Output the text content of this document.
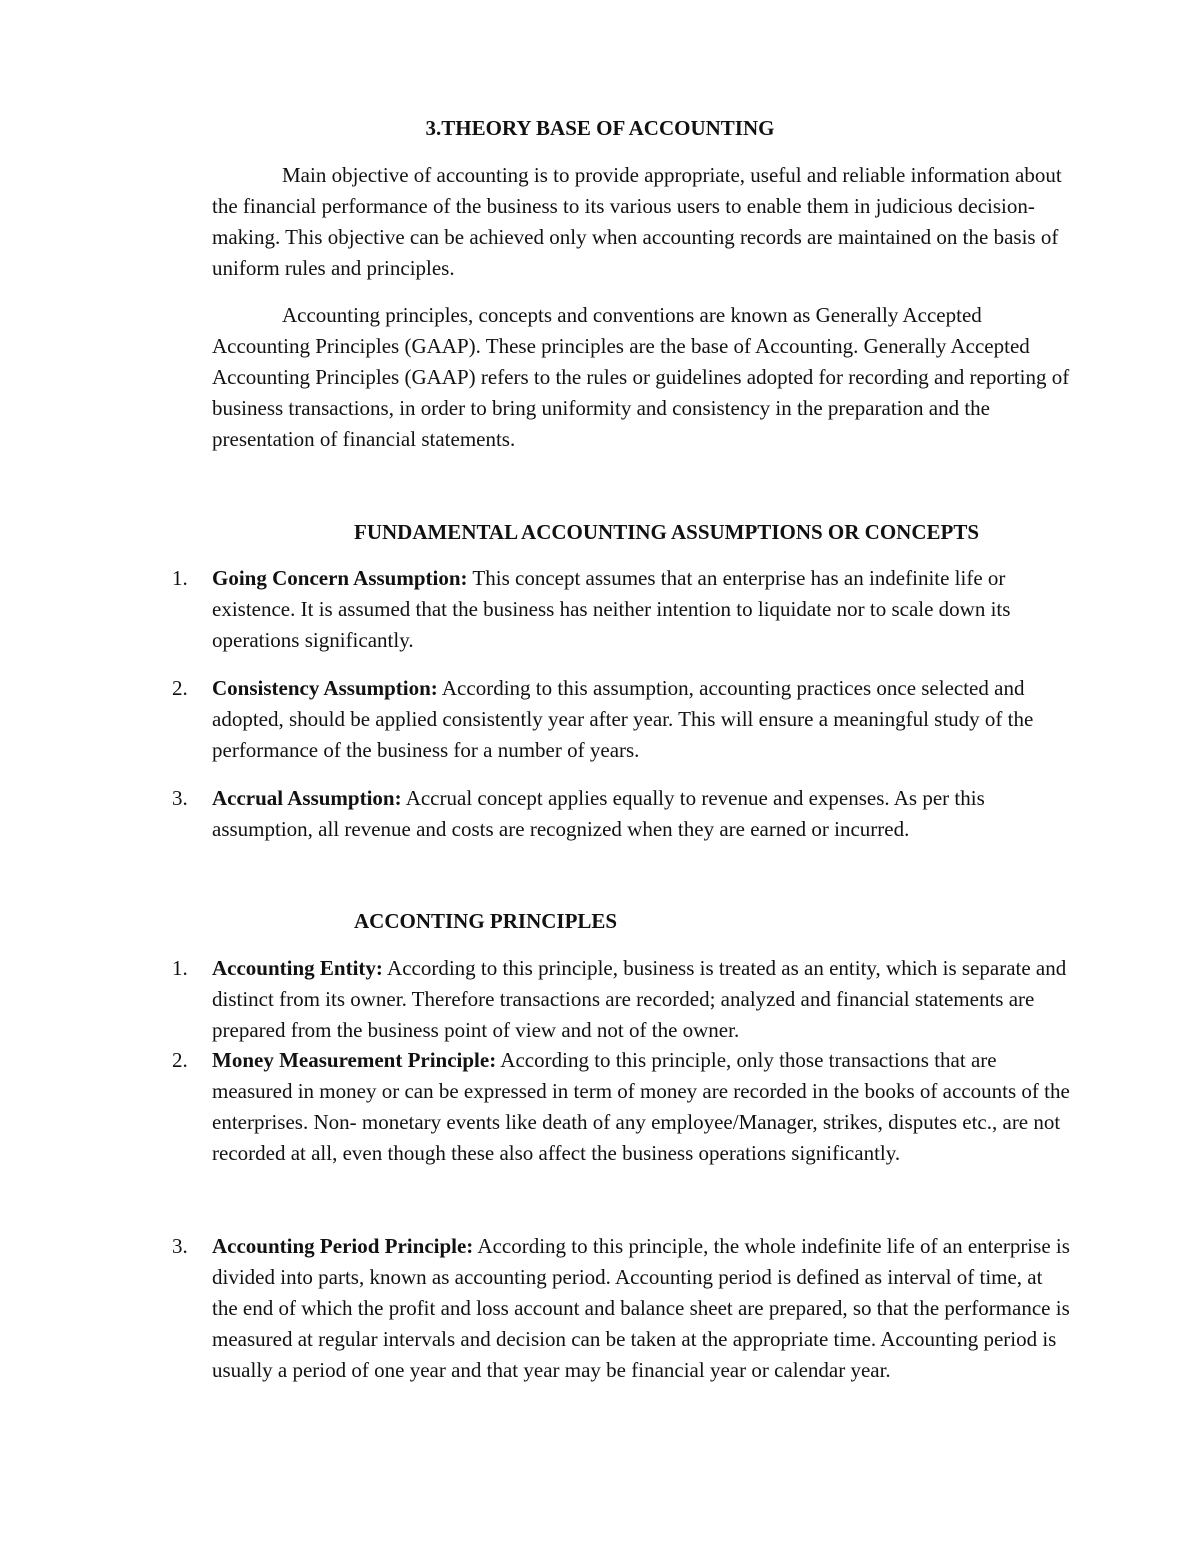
3.THEORY BASE OF ACCOUNTING

Main objective of accounting is to provide appropriate, useful and reliable information about the financial performance of the business to its various users to enable them in judicious decision-making. This objective can be achieved only when accounting records are maintained on the basis of uniform rules and principles.

Accounting principles, concepts and conventions are known as Generally Accepted Accounting Principles (GAAP). These principles are the base of Accounting. Generally Accepted Accounting Principles (GAAP) refers to the rules or guidelines adopted for recording and reporting of business transactions, in order to bring uniformity and consistency in the preparation and the presentation of financial statements.

FUNDAMENTAL ACCOUNTING ASSUMPTIONS OR CONCEPTS
1.	Going Concern Assumption: This concept assumes that an enterprise has an indefinite life or existence. It is assumed that the business has neither intention to liquidate nor to scale down its operations significantly.
2.	Consistency Assumption: According to this assumption, accounting practices once selected and adopted, should be applied consistently year after year. This will ensure a meaningful study of the performance of the business for a number of years.
3.	Accrual Assumption: Accrual concept applies equally to revenue and expenses. As per this assumption, all revenue and costs are recognized when they are earned or incurred.
ACCONTING PRINCIPLES
1.	Accounting Entity: According to this principle, business is treated as an entity, which is separate and distinct from its owner. Therefore transactions are recorded; analyzed and financial statements are prepared from the business point of view and not of the owner.
2.	Money Measurement Principle: According to this principle, only those transactions that are measured in money or can be expressed in term of money are recorded in the books of accounts of the enterprises. Non- monetary events like death of any employee/Manager, strikes, disputes etc., are not recorded at all, even though these also affect the business operations significantly.
3.	Accounting Period Principle: According to this principle, the whole indefinite life of an enterprise is divided into parts, known as accounting period. Accounting period is defined as interval of time, at the end of which the profit and loss account and balance sheet are prepared, so that the performance is measured at regular intervals and decision can be taken at the appropriate time. Accounting period is usually a period of one year and that year may be financial year or calendar year.
